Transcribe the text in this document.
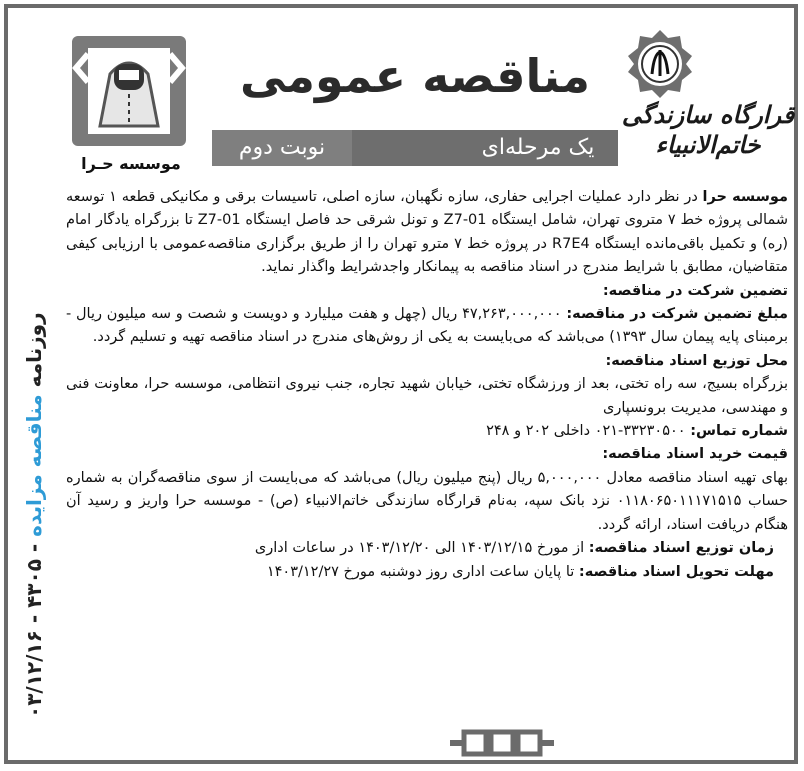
قرارگاه سازندگی خاتم‌الانبیاء
مناقصه عمومی
یک مرحله‌ای
نوبت دوم
موسسه حـرا
روزنامه مناقصه مزایده - ۴۳۰۵ - ۰۳/۱۲/۱۶

موسسه حرا در نظر دارد عملیات اجرایی حفاری، سازه نگهبان، سازه اصلی، تاسیسات برقی و مکانیکی قطعه ۱ توسعه شمالی پروژه خط ۷ متروی تهران، شامل ایستگاه Z7-01 و تونل شرقی حد فاصل ایستگاه Z7-01 تا بزرگراه یادگار امام (ره) و تکمیل باقی‌مانده ایستگاه R7E4 در پروژه خط ۷ مترو تهران را از طریق برگزاری مناقصه‌عمومی با ارزیابی کیفی متقاضیان، مطابق با شرایط مندرج در اسناد مناقصه به پیمانکار واجد‌شرایط واگذار نماید.

تضمین شرکت در مناقصه:

مبلغ تضمین شرکت در مناقصه: ۴۷,۲۶۳,۰۰۰,۰۰۰ ریال (چهل و هفت میلیارد و دویست و شصت و سه میلیون ریال - برمبنای پایه پیمان سال ۱۳۹۳) می‌باشد که می‌بایست به یکی از روش‌های مندرج در اسناد مناقصه تهیه و تسلیم گردد.

محل توزیع اسناد مناقصه:

بزرگراه بسیج، سه راه تختی، بعد از ورزشگاه تختی، خیابان شهید تجاره، جنب نیروی انتظامی، موسسه حرا، معاونت فنی و مهندسی، مدیریت برونسپاری

شماره تماس: ۳۳۲۳۰۵۰۰-۰۲۱ داخلی ۲۰۲ و ۲۴۸

قیمت خرید اسناد مناقصه:

بهای تهیه اسناد مناقصه معادل ۵,۰۰۰,۰۰۰ ریال (پنج میلیون ریال) می‌باشد که می‌بایست از سوی مناقصه‌گران به شماره حساب ۰۱۱۸۰۶۵۰۱۱۱۷۱۵۱۵ نزد بانک سپه، به‌نام قرارگاه سازندگی خاتم‌الانبیاء (ص) - موسسه حرا واریز و رسید آن هنگام دریافت اسناد، ارائه گردد.

زمان توزیع اسناد مناقصه: از مورخ ۱۴۰۳/۱۲/۱۵ الی ۱۴۰۳/۱۲/۲۰ در ساعات اداری

مهلت تحویل اسناد مناقصه: تا پایان ساعت اداری روز دوشنبه مورخ ۱۴۰۳/۱۲/۲۷
